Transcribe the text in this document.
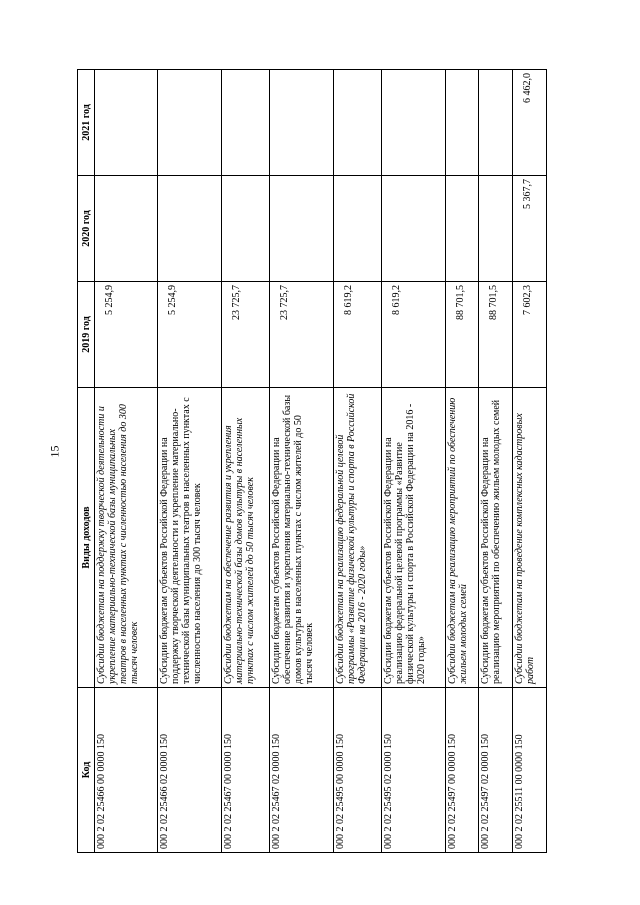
15
Код	Виды доходов	2019 год	2020 год	2021 год
000 2 02 25466 00 0000 150	Субсидии бюджетам на поддержку творческой деятельности и укрепление материально-технической базы муниципальных театров в населенных пунктах с численностью населения до 300 тысяч человек	5 254,9		
000 2 02 25466 02 0000 150	Субсидии бюджетам субъектов Российской Федерации на поддержку творческой деятельности и укрепление материально-технической базы муниципальных театров в населенных пунктах с численностью населения до 300 тысяч человек	5 254,9		
000 2 02 25467 00 0000 150	Субсидии бюджетам на обеспечение развития и укрепления материально-технической базы домов культуры в населенных пунктах с числом жителей до 50 тысяч человек	23 725,7		
000 2 02 25467 02 0000 150	Субсидии бюджетам субъектов Российской Федерации на обеспечение развития и укрепления материально-технической базы домов культуры в населенных пунктах с числом жителей до 50 тысяч человек	23 725,7		
000 2 02 25495 00 0000 150	Субсидии бюджетам на реализацию федеральной целевой программы «Развитие физической культуры и спорта в Российской Федерации на 2016 - 2020 годы»	8 619,2		
000 2 02 25495 02 0000 150	Субсидии бюджетам субъектов Российской Федерации на реализацию федеральной целевой программы «Развитие физической культуры и спорта в Российской Федерации на 2016 - 2020 годы»	8 619,2		
000 2 02 25497 00 0000 150	Субсидии бюджетам на реализацию мероприятий по обеспечению жильем молодых семей	88 701,5		
000 2 02 25497 02 0000 150	Субсидии бюджетам субъектов Российской Федерации на реализацию мероприятий по обеспечению жильем молодых семей	88 701,5		
000 2 02 25511 00 0000 150	Субсидии бюджетам на проведение комплексных кадастровых работ	7 602,3	5 367,7	6 462,0
